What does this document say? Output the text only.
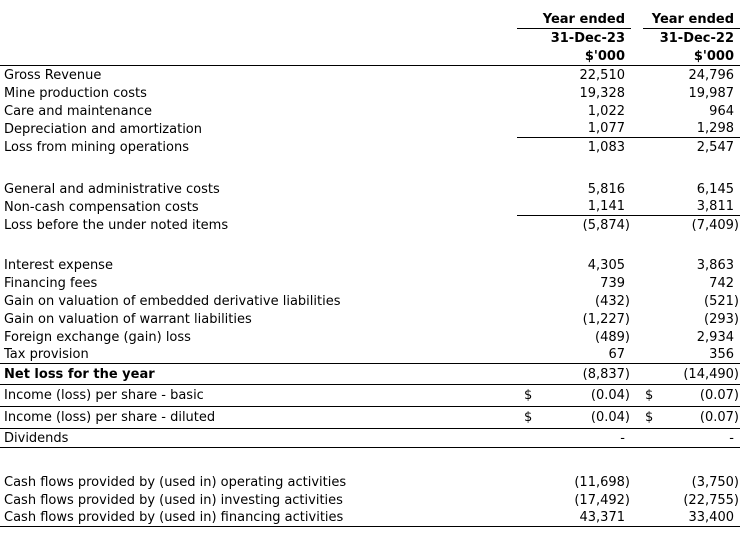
Year ended	Year ended
31-Dec-23	31-Dec-22
$'000	$'000
Gross Revenue	22,510	24,796
Mine production costs	19,328	19,987
Care and maintenance	1,022	964
Depreciation and amortization	1,077	1,298
Loss from mining operations	1,083	2,547
General and administrative costs	5,816	6,145
Non-cash compensation costs	1,141	3,811
Loss before the under noted items	(5,874)	(7,409)
Interest expense	4,305	3,863
Financing fees	739	742
Gain on valuation of embedded derivative liabilities	(432)	(521)
Gain on valuation of warrant liabilities	(1,227)	(293)
Foreign exchange (gain) loss	(489)	2,934
Tax provision	67	356
Net loss for the year	(8,837)	(14,490)
Income (loss) per share - basic	$	(0.04) $	(0.07)
Income (loss) per share - diluted	$	(0.04) $	(0.07)
Dividends	-	-
Cash flows provided by (used in) operating activities	(11,698)	(3,750)
Cash flows provided by (used in) investing activities	(17,492)	(22,755)
Cash flows provided by (used in) financing activities	43,371	33,400
